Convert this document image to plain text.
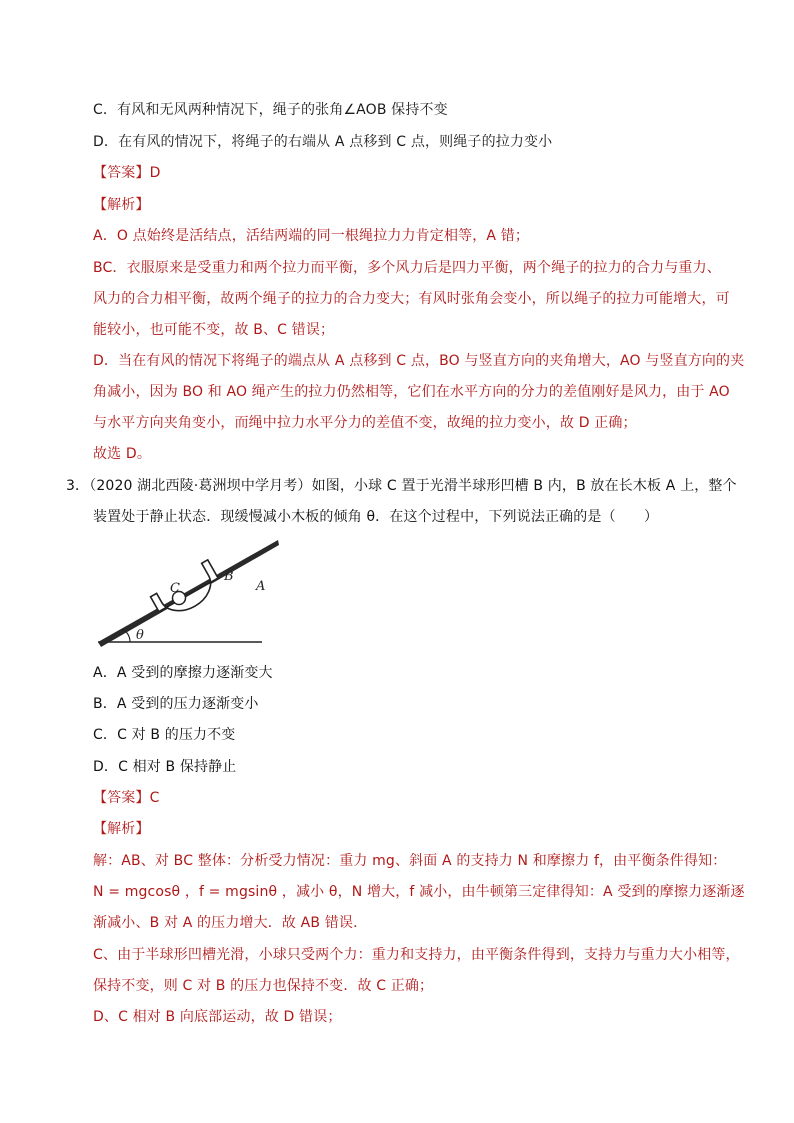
C．有风和无风两种情况下，绳子的张角∠AOB 保持不变
D．在有风的情况下，将绳子的右端从 A 点移到 C 点，则绳子的拉力变小
【答案】D
【解析】
A．O 点始终是活结点，活结两端的同一根绳拉力力肯定相等，A 错；
BC．衣服原来是受重力和两个拉力而平衡，多个风力后是四力平衡，两个绳子的拉力的合力与重力、
风力的合力相平衡，故两个绳子的拉力的合力变大；有风时张角会变小，所以绳子的拉力可能增大，可
能较小，也可能不变，故 B、C 错误；
D．当在有风的情况下将绳子的端点从 A 点移到 C 点，BO 与竖直方向的夹角增大，AO 与竖直方向的夹
角减小，因为 BO 和 AO 绳产生的拉力仍然相等，它们在水平方向的分力的差值刚好是风力，由于 AO
与水平方向夹角变小，而绳中拉力水平分力的差值不变，故绳的拉力变小，故 D 正确；
故选 D。
3．（2020 湖北西陵·葛洲坝中学月考）如图，小球 C 置于光滑半球形凹槽 B 内，B 放在长木板 A 上，整个
装置处于静止状态．现缓慢减小木板的倾角 θ．在这个过程中，下列说法正确的是（　　）
C
B
A
θ
A．A 受到的摩擦力逐渐变大
B．A 受到的压力逐渐变小
C．C 对 B 的压力不变
D．C 相对 B 保持静止
【答案】C
【解析】
解：AB、对 BC 整体：分析受力情况：重力 mg、斜面 A 的支持力 N 和摩擦力 f，由平衡条件得知：
N = mgcosθ ，f = mgsinθ ，减小 θ，N 增大，f 减小，由牛顿第三定律得知：A 受到的摩擦力逐渐逐
渐减小、B 对 A 的压力增大．故 AB 错误．
C、由于半球形凹槽光滑，小球只受两个力：重力和支持力，由平衡条件得到，支持力与重力大小相等，
保持不变，则 C 对 B 的压力也保持不变．故 C 正确；
D、C 相对 B 向底部运动，故 D 错误；
